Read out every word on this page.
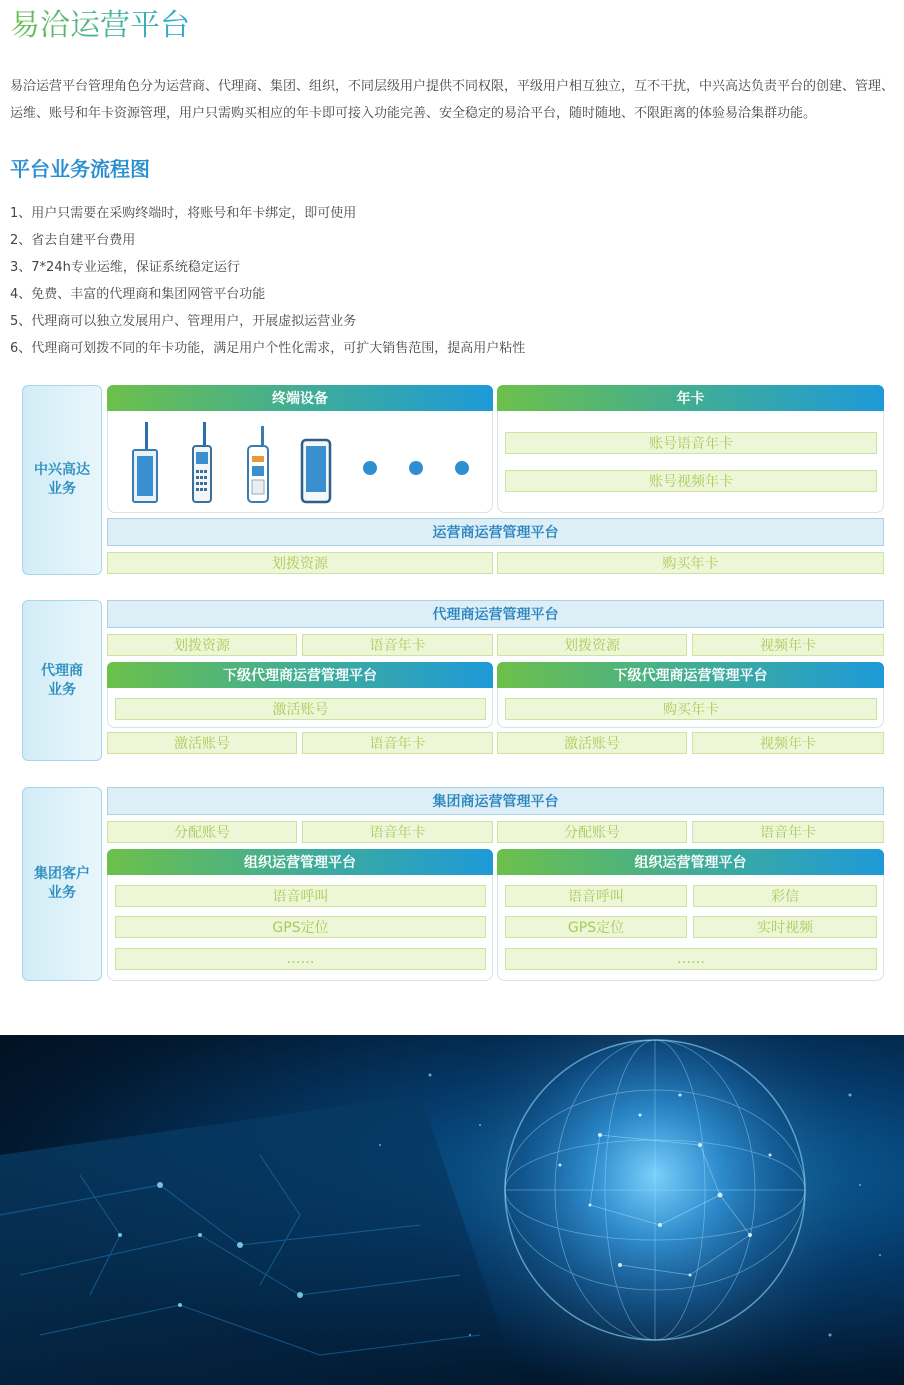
易洽运营平台

易洽运营平台管理角色分为运营商、代理商、集团、组织，不同层级用户提供不同权限，平级用户相互独立，互不干扰，中兴高达负责平台的创建、管理、运维、账号和年卡资源管理，用户只需购买相应的年卡即可接入功能完善、安全稳定的易洽平台，随时随地、不限距离的体验易洽集群功能。

平台业务流程图
1、用户只需要在采购终端时，将账号和年卡绑定，即可使用
2、省去自建平台费用
3、7*24h专业运维，保证系统稳定运行
4、免费、丰富的代理商和集团网管平台功能
5、代理商可以独立发展用户、管理用户，开展虚拟运营业务
6、代理商可划拨不同的年卡功能，满足用户个性化需求，可扩大销售范围，提高用户粘性
中兴高达
业务
终端设备	年卡
账号语音年卡
账号视频年卡
运营商运营管理平台
划拨资源	购买年卡
代理商
业务
代理商运营管理平台
划拨资源	语音年卡	划拨资源	视频年卡
下级代理商运营管理平台
激活账号
下级代理商运营管理平台
购买年卡
激活账号	语音年卡	激活账号	视频年卡
集团客户
业务
集团商运营管理平台
分配账号	语音年卡	分配账号	语音年卡
组织运营管理平台
语音呼叫
GPS定位
……
组织运营管理平台
语音呼叫	彩信
GPS定位	实时视频
……
